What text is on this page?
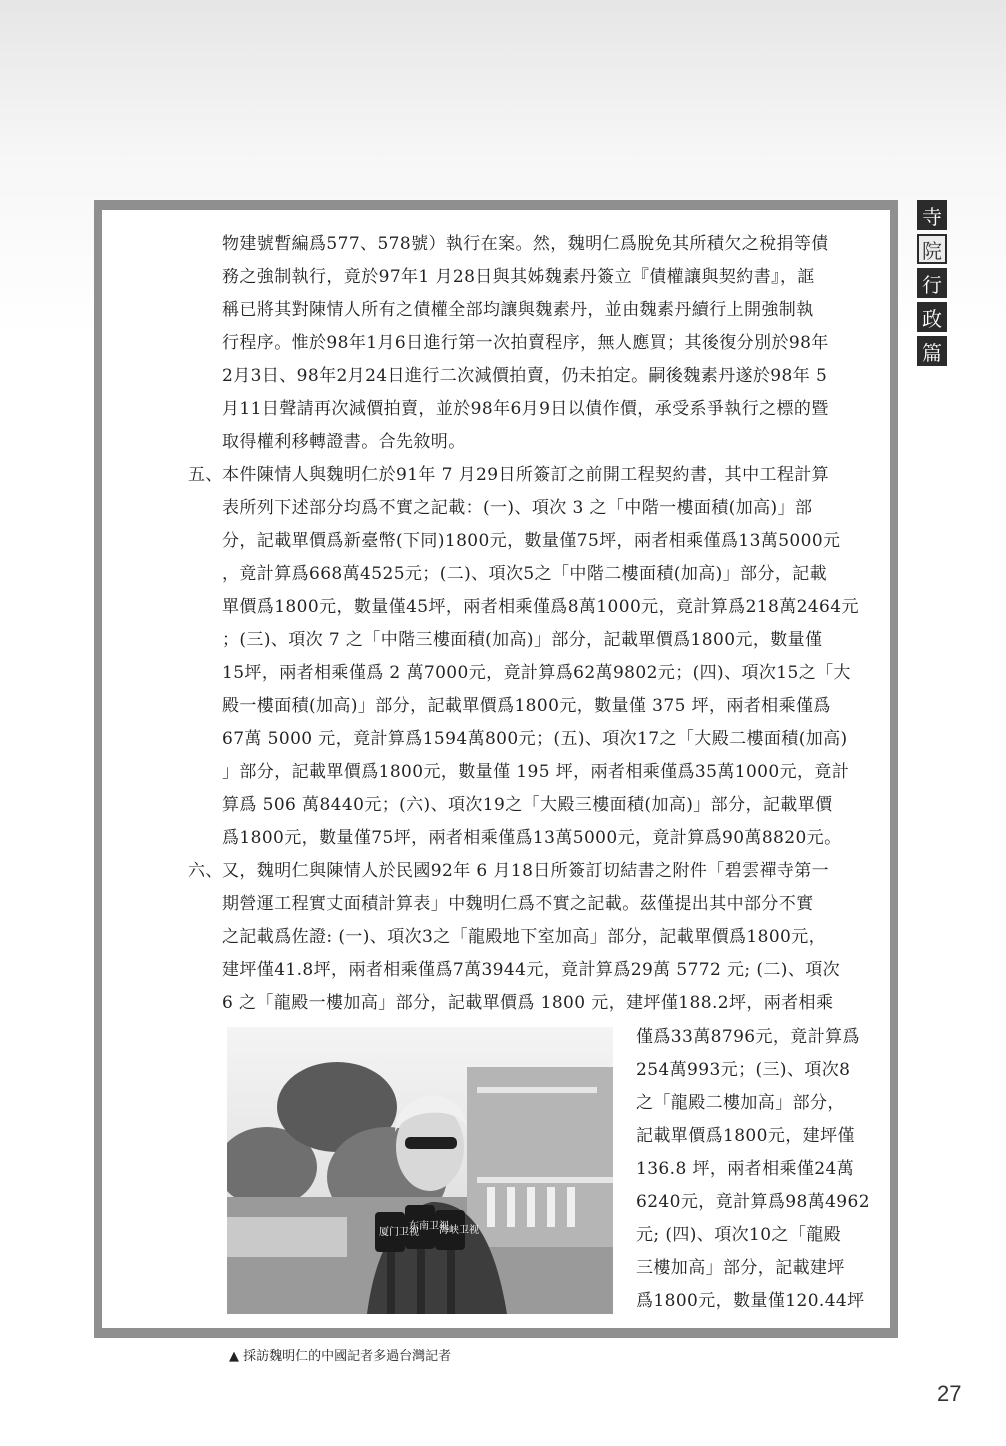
寺
院
行
政
篇
物建號暫編爲577、578號）執行在案。然，魏明仁爲脫免其所積欠之稅捐等債
務之強制執行，竟於97年1 月28日與其姊魏素丹簽立『債權讓與契約書』，誆
稱已將其對陳情人所有之債權全部均讓與魏素丹，並由魏素丹續行上開強制執
行程序。惟於98年1月6日進行第一次拍賣程序，無人應買；其後復分別於98年
2月3日、98年2月24日進行二次減價拍賣，仍未拍定。嗣後魏素丹遂於98年 5
月11日聲請再次減價拍賣，並於98年6月9日以債作價，承受系爭執行之標的暨
取得權利移轉證書。合先敘明。
五、 本件陳情人與魏明仁於91年 7 月29日所簽訂之前開工程契約書，其中工程計算
表所列下述部分均爲不實之記載：(一)、項次 3 之「中階一樓面積(加高)」部
分，記載單價爲新臺幣(下同)1800元，數量僅75坪，兩者相乘僅爲13萬5000元
，竟計算爲668萬4525元；(二)、項次5之「中階二樓面積(加高)」部分，記載
單價爲1800元，數量僅45坪，兩者相乘僅爲8萬1000元，竟計算爲218萬2464元
；(三)、項次 7 之「中階三樓面積(加高)」部分，記載單價爲1800元，數量僅
15坪，兩者相乘僅爲 2 萬7000元，竟計算爲62萬9802元；(四)、項次15之「大
殿一樓面積(加高)」部分，記載單價爲1800元，數量僅 375 坪，兩者相乘僅爲
67萬 5000 元，竟計算爲1594萬800元；(五)、項次17之「大殿二樓面積(加高)
」部分，記載單價爲1800元，數量僅 195 坪，兩者相乘僅爲35萬1000元，竟計
算爲 506 萬8440元；(六)、項次19之「大殿三樓面積(加高)」部分，記載單價
爲1800元，數量僅75坪，兩者相乘僅爲13萬5000元，竟計算爲90萬8820元。
六、 又，魏明仁與陳情人於民國92年 6 月18日所簽訂切結書之附件「碧雲禪寺第一
期營運工程實丈面積計算表」中魏明仁爲不實之記載。茲僅提出其中部分不實
之記載爲佐證: (一)、項次3之「龍殿地下室加高」部分，記載單價爲1800元，
建坪僅41.8坪，兩者相乘僅爲7萬3944元，竟計算爲29萬 5772 元; (二)、項次
6 之「龍殿一樓加高」部分，記載單價爲 1800 元，建坪僅188.2坪，兩者相乘
厦门卫视
东南卫视
海峡卫视
僅爲33萬8796元，竟計算爲
254萬993元；(三)、項次8
之「龍殿二樓加高」部分，
記載單價爲1800元，建坪僅
136.8 坪，兩者相乘僅24萬
6240元，竟計算爲98萬4962
元; (四)、項次10之「龍殿
三樓加高」部分，記載建坪
爲1800元，數量僅120.44坪
▲ 採訪魏明仁的中國記者多過台灣記者
27
